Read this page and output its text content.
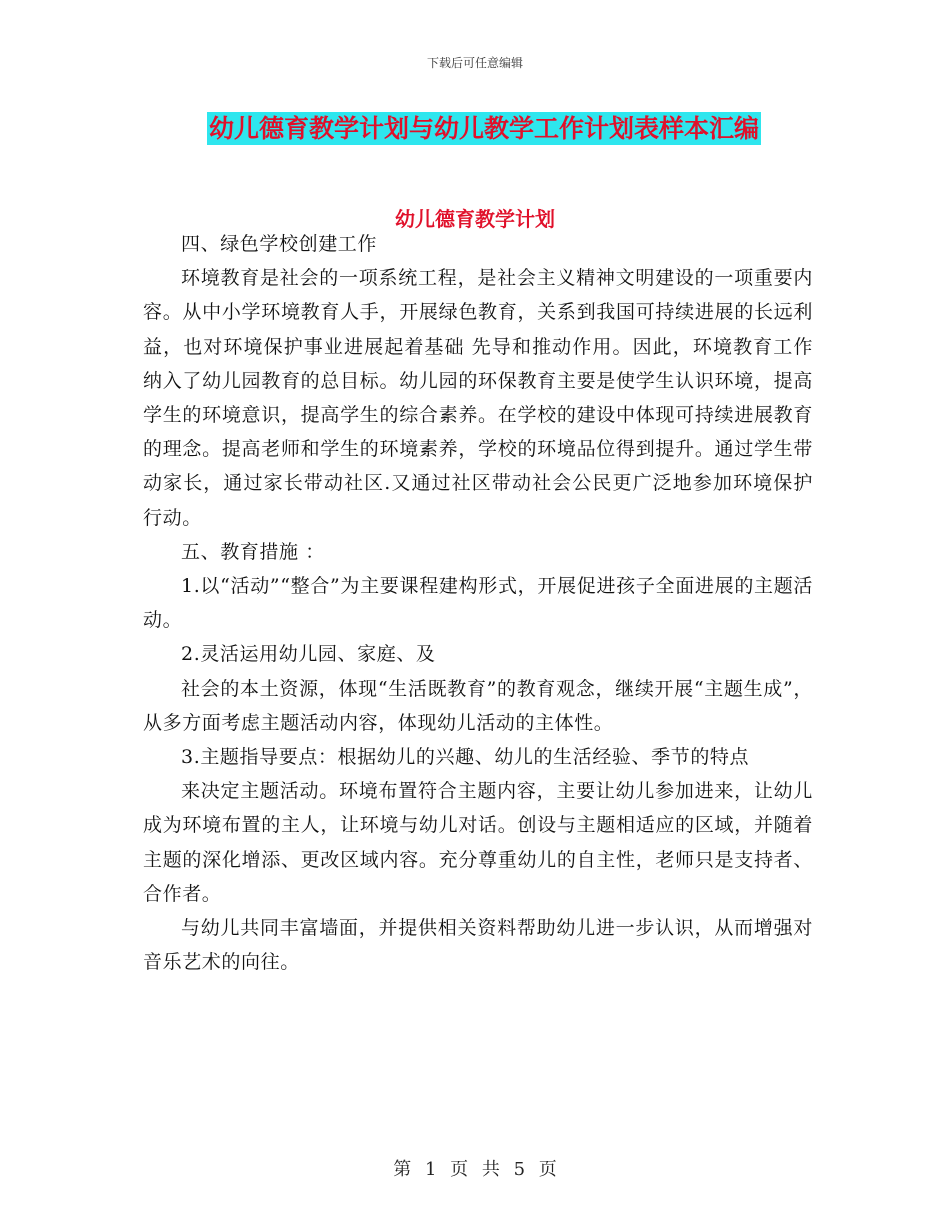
下载后可任意编辑
幼儿德育教学计划与幼儿教学工作计划表样本汇编
幼儿德育教学计划

四、绿色学校创建工作

环境教育是社会的一项系统工程，是社会主义精神文明建设的一项重要内容。从中小学环境教育人手，开展绿色教育，关系到我国可持续进展的长远利益，也对环境保护事业进展起着基础 先导和推动作用。因此，环境教育工作纳入了幼儿园教育的总目标。幼儿园的环保教育主要是使学生认识环境，提高学生的环境意识，提高学生的综合素养。在学校的建设中体现可持续进展教育的理念。提高老师和学生的环境素养，学校的环境品位得到提升。通过学生带动家长，通过家长带动社区.又通过社区带动社会公民更广泛地参加环境保护行动。

五、教育措施 ：

1.以“活动”“整合”为主要课程建构形式，开展促进孩子全面进展的主题活动。

2.灵活运用幼儿园、家庭、及

社会的本土资源，体现“生活既教育”的教育观念，继续开展“主题生成”，从多方面考虑主题活动内容，体现幼儿活动的主体性。

3.主题指导要点：根据幼儿的兴趣、幼儿的生活经验、季节的特点

来决定主题活动。环境布置符合主题内容，主要让幼儿参加进来，让幼儿成为环境布置的主人，让环境与幼儿对话。创设与主题相适应的区域，并随着主题的深化增添、更改区域内容。充分尊重幼儿的自主性，老师只是支持者、合作者。

与幼儿共同丰富墙面，并提供相关资料帮助幼儿进一步认识，从而增强对音乐艺术的向往。

第 1 页 共 5 页
